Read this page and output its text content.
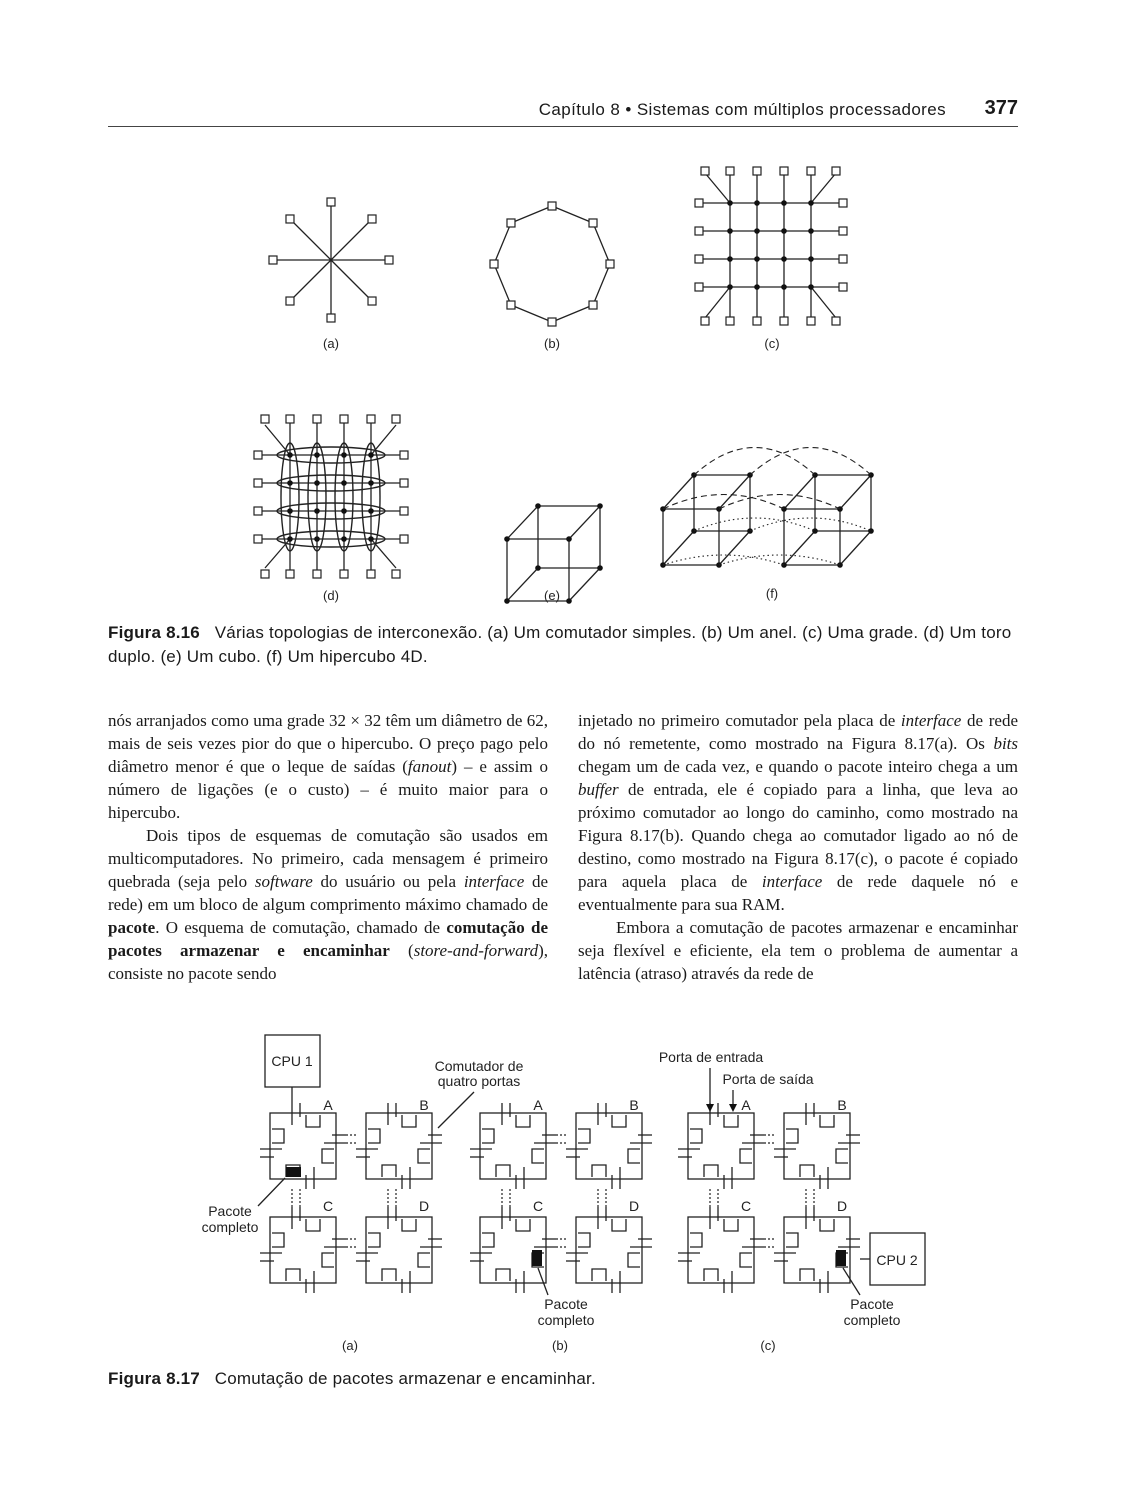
Capítulo 8 • Sistemas com múltiplos processadores 377
(a)	(b)	(c)
(d)	(e)	(f)
Figura 8.16 Várias topologias de interconexão. (a) Um comutador simples. (b) Um anel. (c) Uma grade. (d) Um toro duplo. (e) Um cubo. (f) Um hipercubo 4D.

nós arranjados como uma grade 32 × 32 têm um diâmetro de 62, mais de seis vezes pior do que o hipercubo. O preço pago pelo diâmetro menor é que o leque de saídas (fanout) – e assim o número de ligações (e o custo) – é muito maior para o hipercubo.

Dois tipos de esquemas de comutação são usados em multicomputadores. No primeiro, cada mensagem é primeiro quebrada (seja pelo software do usuário ou pela interface de rede) em um bloco de algum comprimento máximo chamado de pacote. O esquema de comutação, chamado de comutação de pacotes armazenar e encaminhar (store-and-forward), consiste no pacote sendo

injetado no primeiro comutador pela placa de interface de rede do nó remetente, como mostrado na Figura 8.17(a). Os bits chegam um de cada vez, e quando o pacote inteiro chega a um buffer de entrada, ele é copiado para a linha, que leva ao próximo comutador ao longo do caminho, como mostrado na Figura 8.17(b). Quando chega ao comutador ligado ao nó de destino, como mostrado na Figura 8.17(c), o pacote é copiado para aquela placa de interface de rede daquele nó e eventualmente para sua RAM.

Embora a comutação de pacotes armazenar e encaminhar seja flexível e eficiente, ela tem o problema de aumentar a latência (atraso) através da rede de

A	B
C	D
(a)
A	B
C	D
(b)
A	B
C	D
(c)
CPU 1
CPU 2
Comutador de
quatro portas
Porta de entrada
Porta de saída
Pacote
completo
Pacote
completo
Pacote
completo
Figura 8.17 Comutação de pacotes armazenar e encaminhar.
